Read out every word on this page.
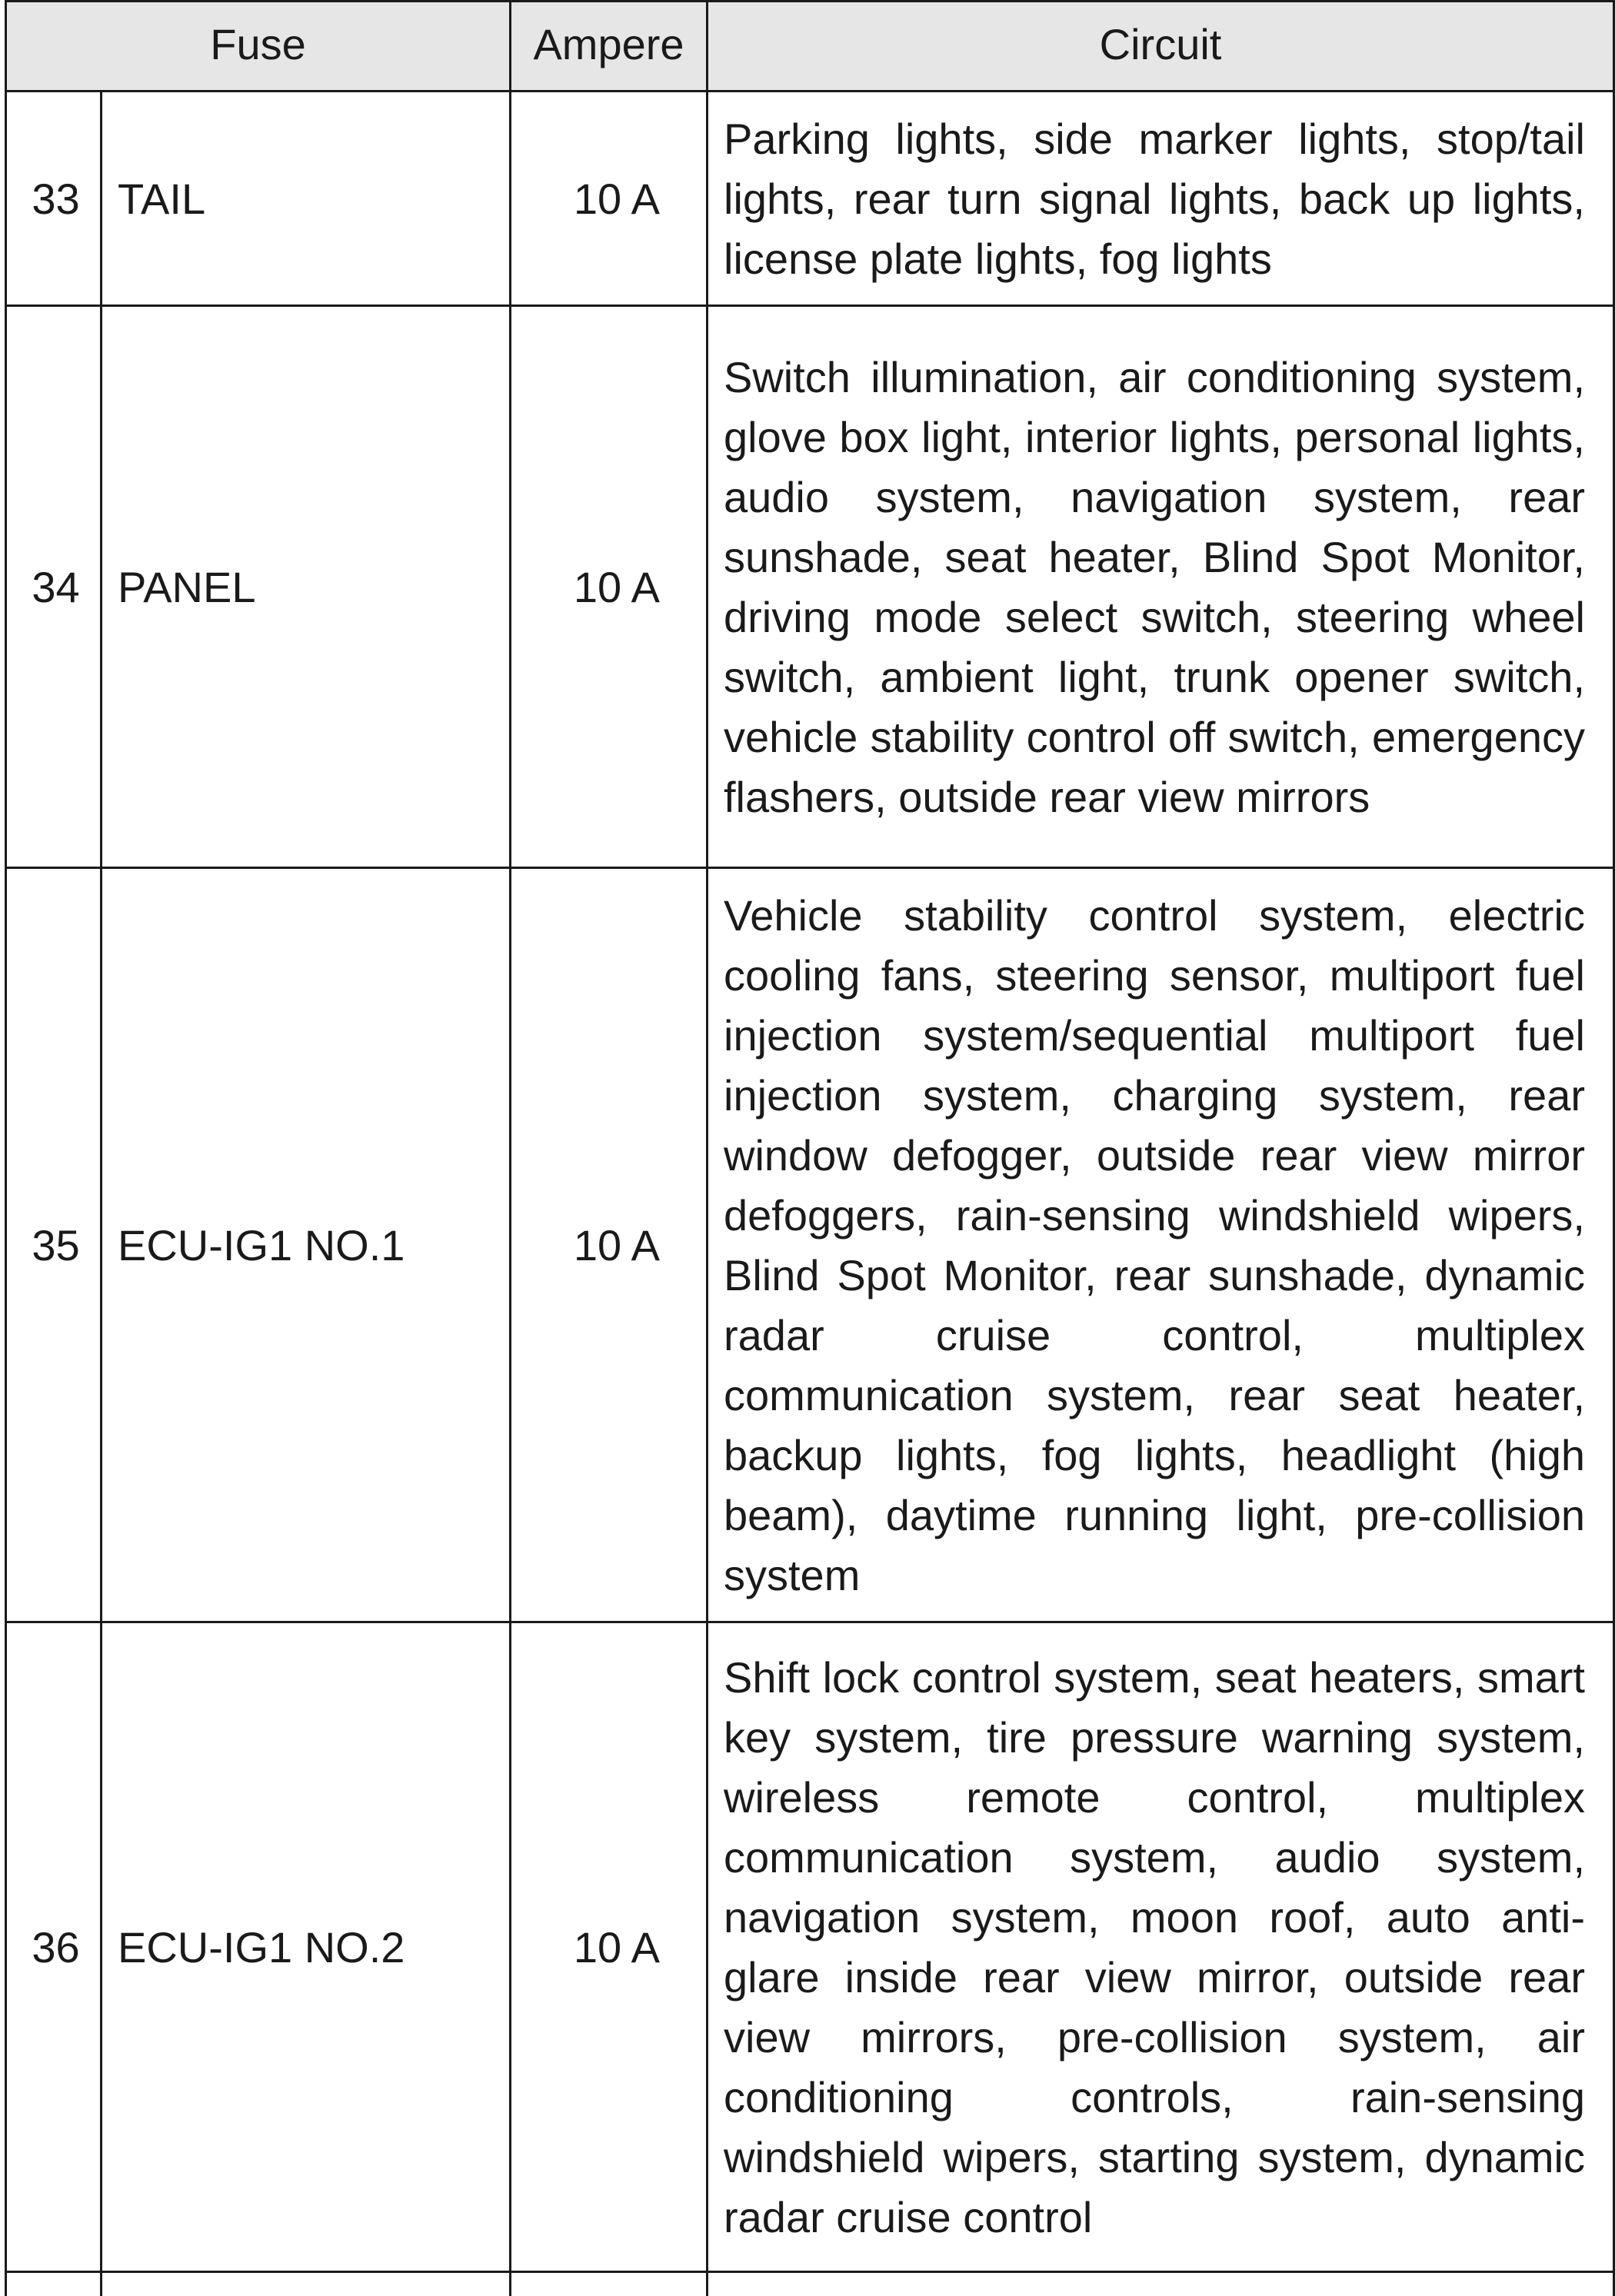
Fuse		Ampere	Circuit
33	TAIL	10 A	Parking lights, side marker lights, stop/tail lights, rear turn signal lights, back up lights, license plate lights, fog lights
34	PANEL	10 A	Switch illumination, air conditioning system, glove box light, interior lights, personal lights, audio system, navigation system, rear sunshade, seat heater, Blind Spot Monitor, driving mode select switch, steering wheel switch, ambient light, trunk opener switch, vehicle stability control off switch, emergency flashers, outside rear view mirrors
35	ECU-IG1 NO.1	10 A	Vehicle stability control system, electric cooling fans, steering sensor, multiport fuel injection system/sequential multiport fuel injection system, charging system, rear window defogger, outside rear view mirror defoggers, rain-sensing windshield wipers, Blind Spot Monitor, rear sunshade, dynamic radar cruise control, multiplex communication system, rear seat heater, backup lights, fog lights, headlight (high beam), daytime running light, pre-collision system
36	ECU-IG1 NO.2	10 A	Shift lock control system, seat heaters, smart key system, tire pressure warning system, wireless remote control, multiplex communication system, audio system, navigation system, moon roof, auto anti-glare inside rear view mirror, outside rear view mirrors, pre-collision system, air conditioning controls, rain-sensing windshield wipers, starting system, dynamic radar cruise control
